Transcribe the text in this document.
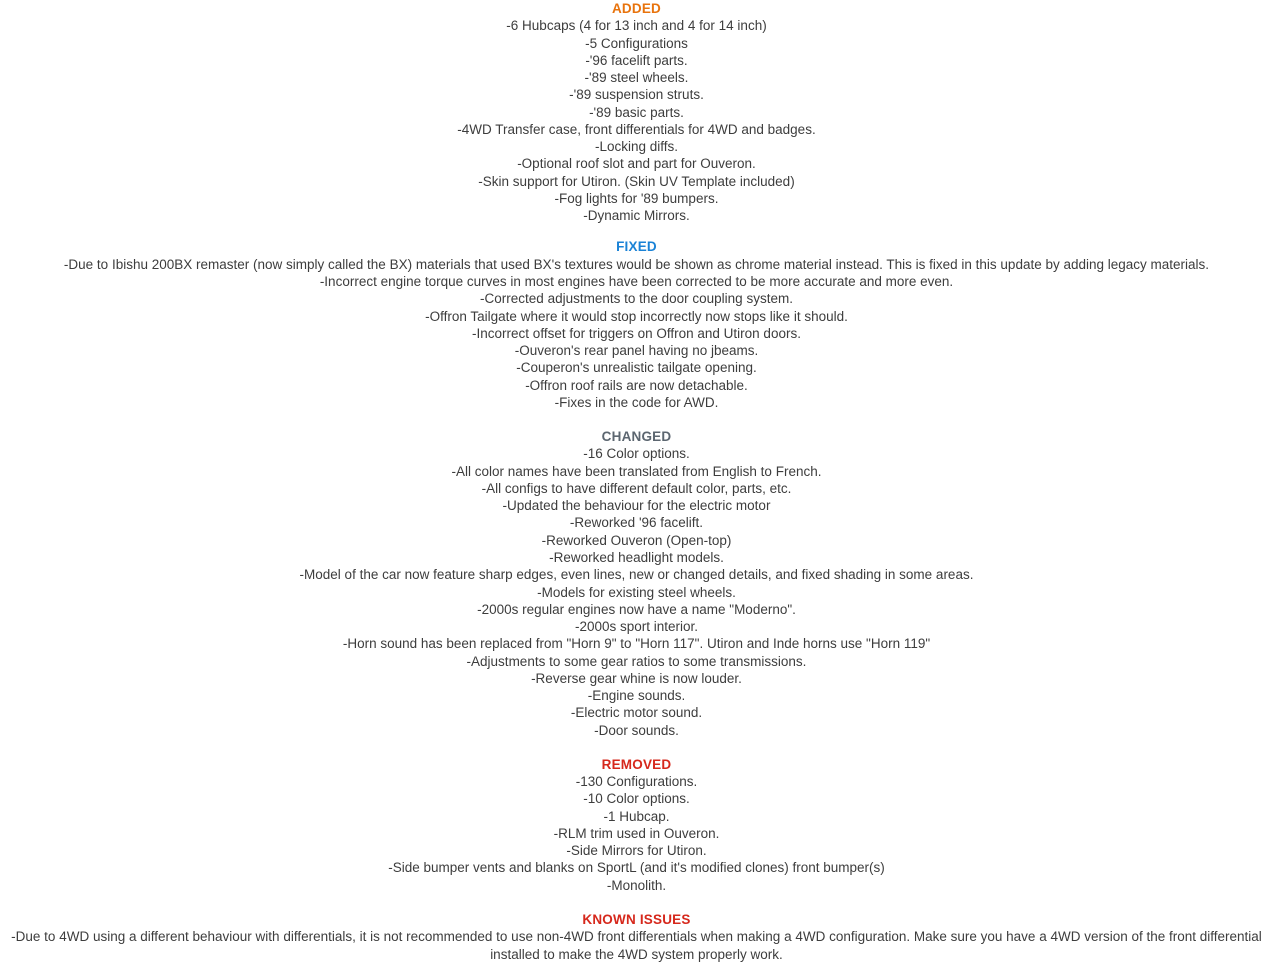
ADDED
-6 Hubcaps (4 for 13 inch and 4 for 14 inch)
-5 Configurations
-'96 facelift parts.
-'89 steel wheels.
-'89 suspension struts.
-'89 basic parts.
-4WD Transfer case, front differentials for 4WD and badges.
-Locking diffs.
-Optional roof slot and part for Ouveron.
-Skin support for Utiron. (Skin UV Template included)
-Fog lights for '89 bumpers.
-Dynamic Mirrors.
FIXED
-Due to Ibishu 200BX remaster (now simply called the BX) materials that used BX's textures would be shown as chrome material instead. This is fixed in this update by adding legacy materials.
-Incorrect engine torque curves in most engines have been corrected to be more accurate and more even.
-Corrected adjustments to the door coupling system.
-Offron Tailgate where it would stop incorrectly now stops like it should.
-Incorrect offset for triggers on Offron and Utiron doors.
-Ouveron's rear panel having no jbeams.
-Couperon's unrealistic tailgate opening.
-Offron roof rails are now detachable.
-Fixes in the code for AWD.
CHANGED
-16 Color options.
-All color names have been translated from English to French.
-All configs to have different default color, parts, etc.
-Updated the behaviour for the electric motor
-Reworked '96 facelift.
-Reworked Ouveron (Open-top)
-Reworked headlight models.
-Model of the car now feature sharp edges, even lines, new or changed details, and fixed shading in some areas.
-Models for existing steel wheels.
-2000s regular engines now have a name "Moderno".
-2000s sport interior.
-Horn sound has been replaced from "Horn 9" to "Horn 117". Utiron and Inde horns use "Horn 119"
-Adjustments to some gear ratios to some transmissions.
-Reverse gear whine is now louder.
-Engine sounds.
-Electric motor sound.
-Door sounds.
REMOVED
-130 Configurations.
-10 Color options.
-1 Hubcap.
-RLM trim used in Ouveron.
-Side Mirrors for Utiron.
-Side bumper vents and blanks on SportL (and it's modified clones) front bumper(s)
-Monolith.
KNOWN ISSUES
-Due to 4WD using a different behaviour with differentials, it is not recommended to use non-4WD front differentials when making a 4WD configuration. Make sure you have a 4WD version of the front differential installed to make the 4WD system properly work.
